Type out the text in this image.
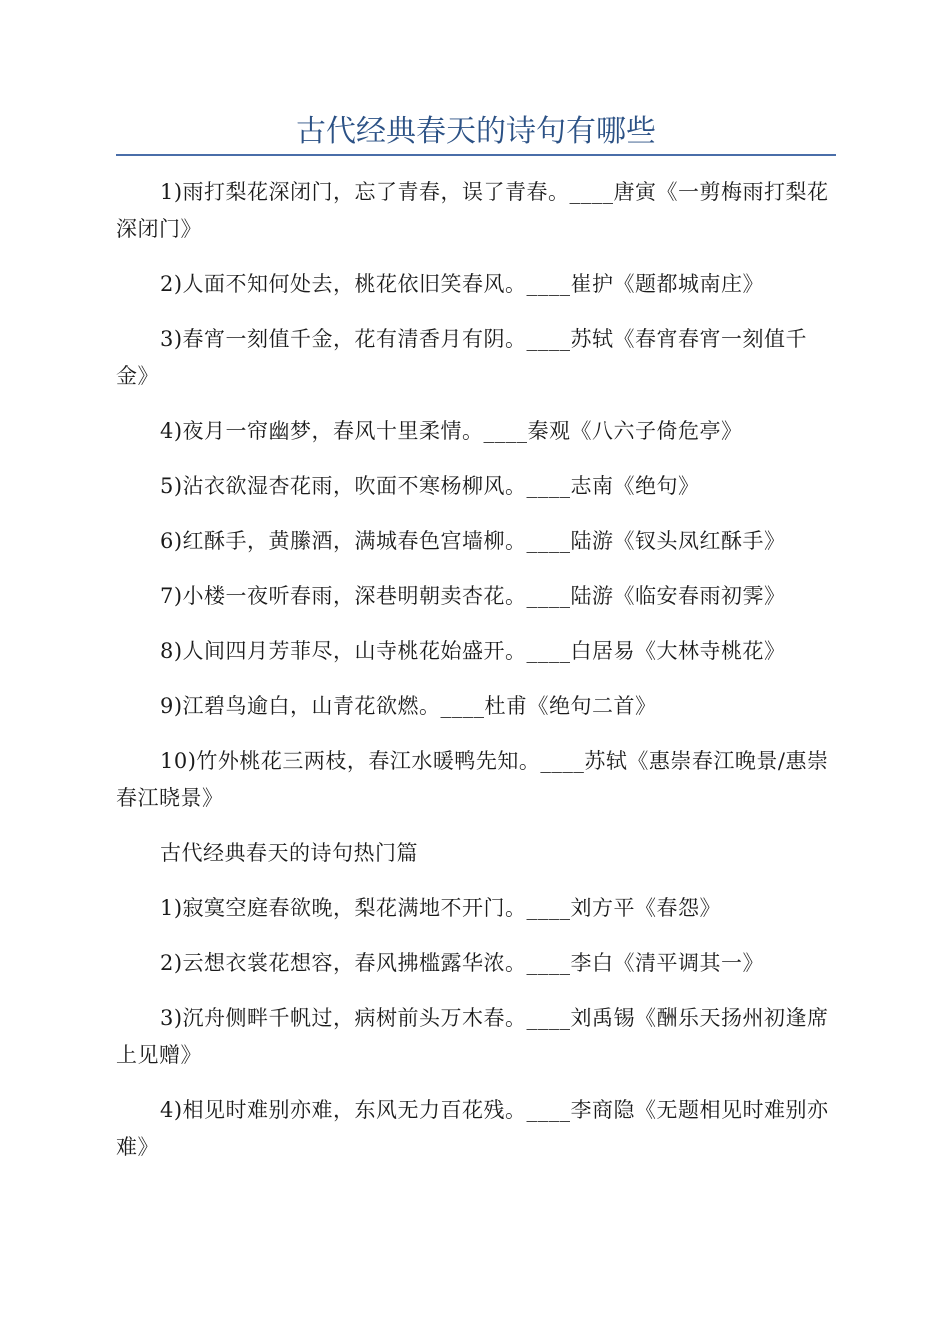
古代经典春天的诗句有哪些

1)雨打梨花深闭门，忘了青春，误了青春。____唐寅《一剪梅雨打梨花深闭门》

2)人面不知何处去，桃花依旧笑春风。____崔护《题都城南庄》

3)春宵一刻值千金，花有清香月有阴。____苏轼《春宵春宵一刻值千金》

4)夜月一帘幽梦，春风十里柔情。____秦观《八六子倚危亭》

5)沾衣欲湿杏花雨，吹面不寒杨柳风。____志南《绝句》

6)红酥手，黄縢酒，满城春色宫墙柳。____陆游《钗头凤红酥手》

7)小楼一夜听春雨，深巷明朝卖杏花。____陆游《临安春雨初霁》

8)人间四月芳菲尽，山寺桃花始盛开。____白居易《大林寺桃花》

9)江碧鸟逾白，山青花欲燃。____杜甫《绝句二首》

10)竹外桃花三两枝，春江水暖鸭先知。____苏轼《惠崇春江晚景/惠崇春江晓景》

古代经典春天的诗句热门篇

1)寂寞空庭春欲晚，梨花满地不开门。____刘方平《春怨》

2)云想衣裳花想容，春风拂槛露华浓。____李白《清平调其一》

3)沉舟侧畔千帆过，病树前头万木春。____刘禹锡《酬乐天扬州初逢席上见赠》

4)相见时难别亦难，东风无力百花残。____李商隐《无题相见时难别亦难》
